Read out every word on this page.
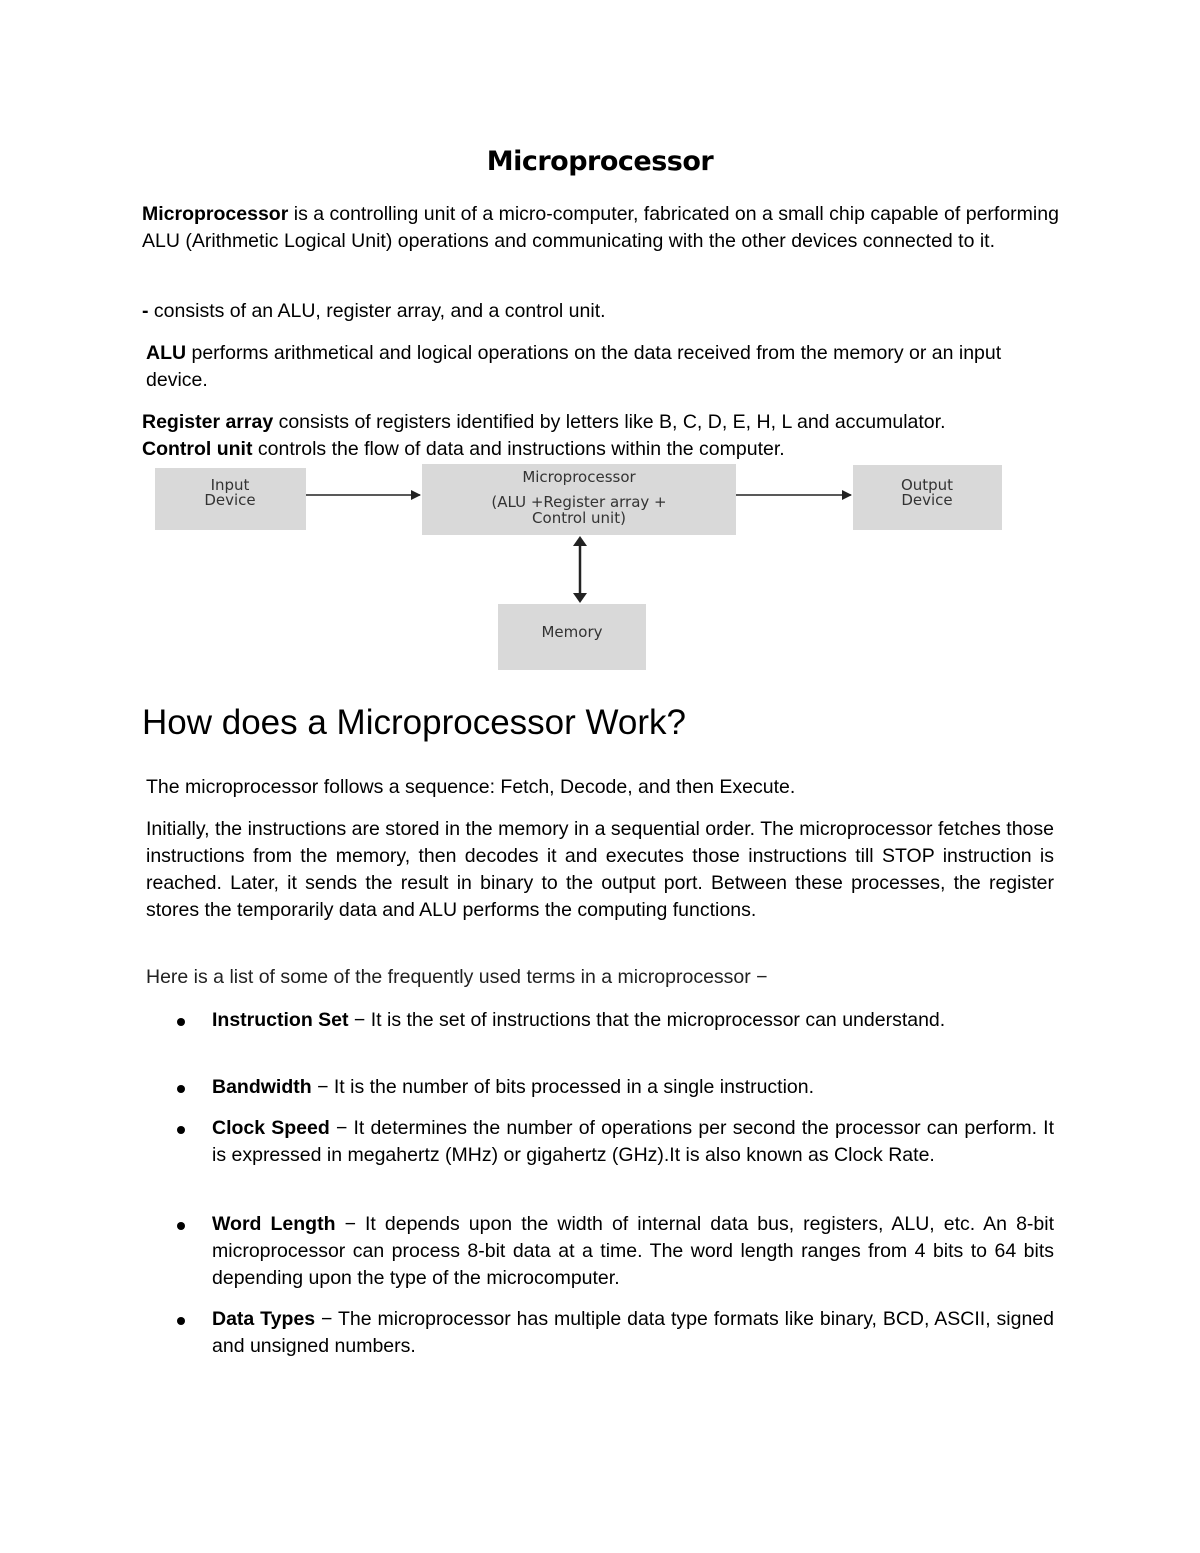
Microprocessor
Microprocessor is a controlling unit of a micro-computer, fabricated on a small chip capable of performing ALU (Arithmetic Logical Unit) operations and communicating with the other devices connected to it.
- consists of an ALU, register array, and a control unit.
ALU performs arithmetical and logical operations on the data received from the memory or an input device.
Register array consists of registers identified by letters like B, C, D, E, H, L and accumulator.
Control unit controls the flow of data and instructions within the computer.
Input
Device
Microprocessor
(ALU +Register array +
Control unit)
Output
Device
Memory
How does a Microprocessor Work?
The microprocessor follows a sequence: Fetch, Decode, and then Execute.
Initially, the instructions are stored in the memory in a sequential order. The microprocessor fetches those instructions from the memory, then decodes it and executes those instructions till STOP instruction is reached. Later, it sends the result in binary to the output port. Between these processes, the register stores the temporarily data and ALU performs the computing functions.
Here is a list of some of the frequently used terms in a microprocessor −
Instruction Set − It is the set of instructions that the microprocessor can understand.
Bandwidth − It is the number of bits processed in a single instruction.
Clock Speed − It determines the number of operations per second the processor can perform. It is expressed in megahertz (MHz) or gigahertz (GHz).It is also known as Clock Rate.
Word Length − It depends upon the width of internal data bus, registers, ALU, etc. An 8-bit microprocessor can process 8-bit data at a time. The word length ranges from 4 bits to 64 bits depending upon the type of the microcomputer.
Data Types − The microprocessor has multiple data type formats like binary, BCD, ASCII, signed and unsigned numbers.
